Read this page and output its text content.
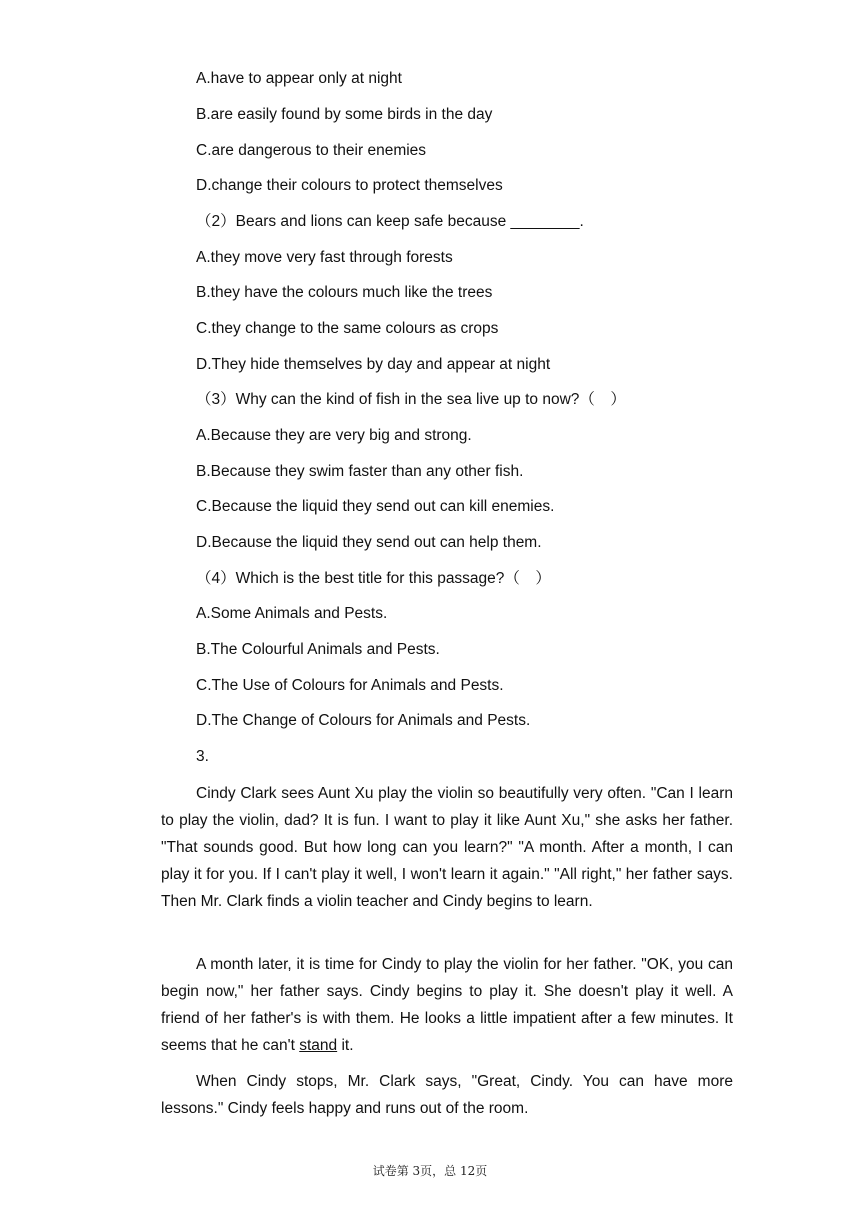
A.have to appear only at night
B.are easily found by some birds in the day
C.are dangerous to their enemies
D.change their colours to protect themselves
（2）Bears and lions can keep safe because ________.
A.they move very fast through forests
B.they have the colours much like the trees
C.they change to the same colours as crops
D.They hide themselves by day and appear at night
（3）Why can the kind of fish in the sea live up to now?（　）
A.Because they are very big and strong.
B.Because they swim faster than any other fish.
C.Because the liquid they send out can kill enemies.
D.Because the liquid they send out can help them.
（4）Which is the best title for this passage?（　）
A.Some Animals and Pests.
B.The Colourful Animals and Pests.
C.The Use of Colours for Animals and Pests.
D.The Change of Colours for Animals and Pests.
3.

Cindy Clark sees Aunt Xu play the violin so beautifully very often. "Can I learn to play the violin, dad? It is fun. I want to play it like Aunt Xu," she asks her father. "That sounds good. But how long can you learn?" "A month. After a month, I can play it for you. If I can't play it well, I won't learn it again." "All right," her father says. Then Mr. Clark finds a violin teacher and Cindy begins to learn.

A month later, it is time for Cindy to play the violin for her father. "OK, you can begin now," her father says. Cindy begins to play it. She doesn't play it well. A friend of her father's is with them. He looks a little impatient after a few minutes. It seems that he can't stand it.

When Cindy stops, Mr. Clark says, "Great, Cindy. You can have more lessons." Cindy feels happy and runs out of the room.

试卷第 3页，总 12页
